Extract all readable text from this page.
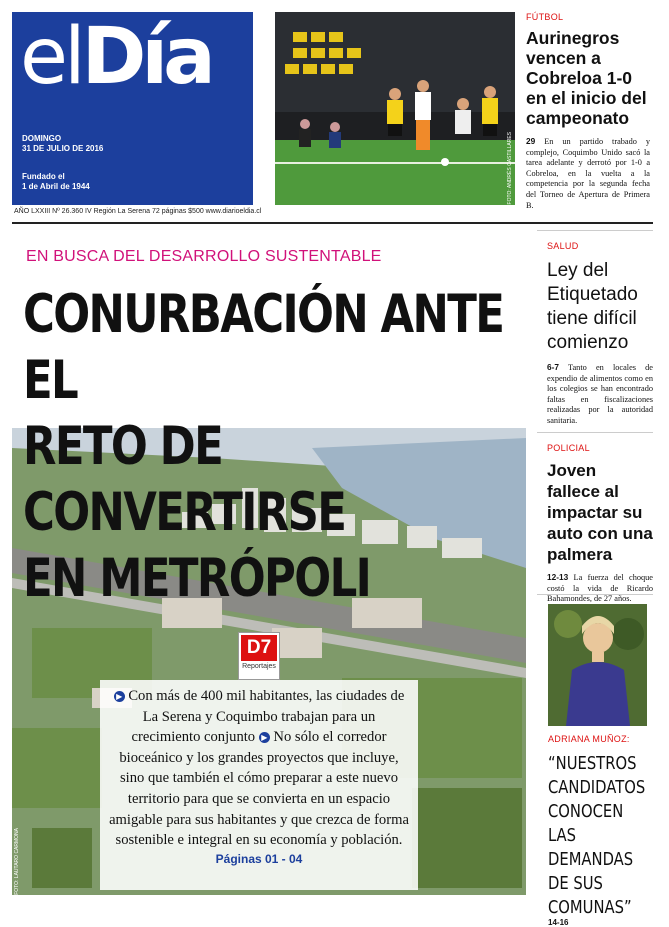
elDía
DOMINGO
31 DE JULIO DE 2016
Fundado el
1 de Abril de 1944
AÑO LXXIII Nº 26.360 IV Región La Serena 72 páginas $500 www.diarioeldia.cl
FOTO: ANDRÉS CASTILLARES
FÚTBOL
Aurinegros vencen a Cobreloa 1-0 en el inicio del campeonato

29 En un partido trabado y complejo, Coquimbo Unido sacó la tarea adelante y derrotó por 1-0 a Cobreloa, en la vuelta a la competencia por la segunda fecha del Torneo de Apertura de Primera B.

EN BUSCA DEL DESARROLLO SUSTENTABLE
CONURBACIÓN ANTE EL
RETO DE CONVERTIRSE
EN METRÓPOLI
D7
Reportajes

▶ Con más de 400 mil habitantes, las ciudades de La Serena y Coquimbo trabajan para un crecimiento conjunto ▶ No sólo el corredor bioceánico y los grandes proyectos que incluye, sino que también el cómo preparar a este nuevo territorio para que se convierta en un espacio amigable para sus habitantes y que crezca de forma sostenible e integral en su economía y población.

Páginas 01 - 04
FOTO: LAUTARO CARMONA
SALUD
Ley del Etiquetado tiene difícil comienzo

6-7 Tanto en locales de expendio de alimentos como en los colegios se han encontrado faltas en fiscalizaciones realizadas por la autoridad sanitaria.

POLICIAL
Joven fallece al impactar su auto con una palmera

12-13 La fuerza del choque costó la vida de Ricardo Bahamondes, de 27 años.

ADRIANA MUÑOZ:
“NUESTROS CANDIDATOS CONOCEN LAS DEMANDAS DE SUS COMUNAS”
14-16
